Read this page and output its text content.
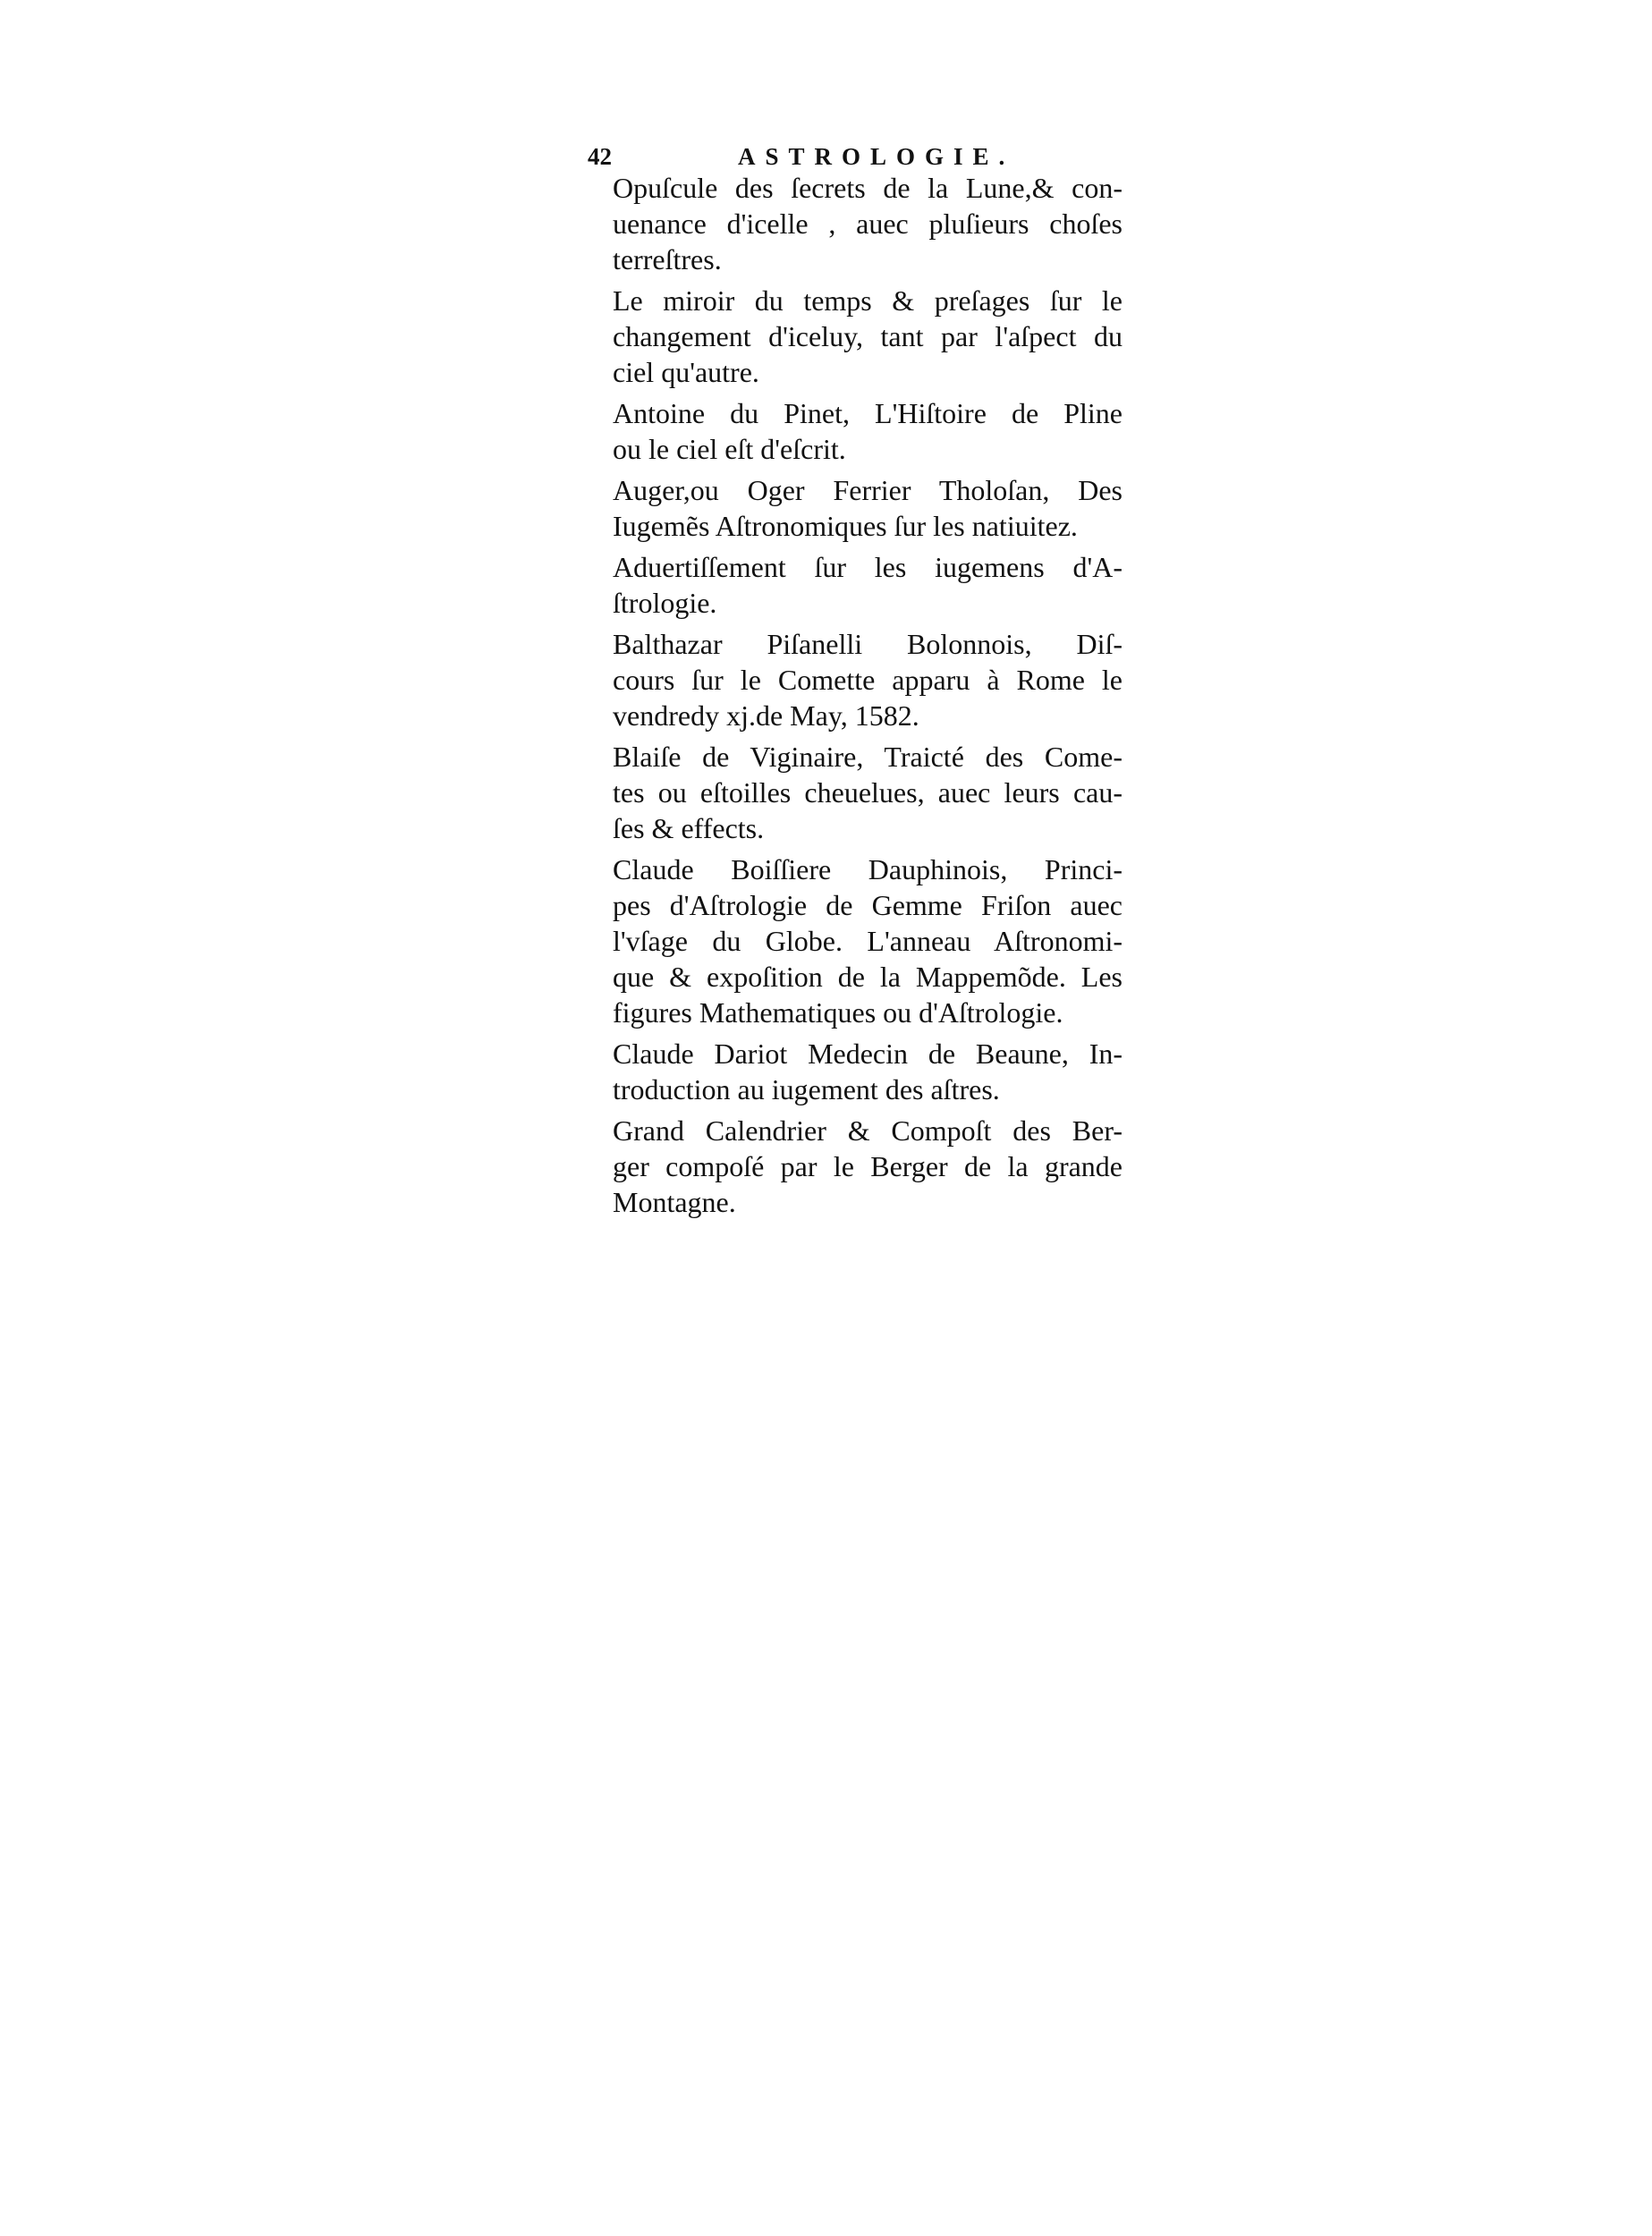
42	ASTROLOGIE.
Opuſcule des ſecrets de la Lune,& con-
uenance d'icelle , auec pluſieurs choſes
terreſtres.
Le miroir du temps & preſages ſur le
changement d'iceluy, tant par l'aſpect du
ciel qu'autre.
Antoine du Pinet, L'Hiſtoire de Pline
ou le ciel eſt d'eſcrit.
Auger,ou Oger Ferrier Tholoſan, Des
Iugemẽs Aſtronomiques ſur les natiuitez.
Aduertiſſement ſur les iugemens d'A-
ſtrologie.
Balthazar Piſanelli Bolonnois, Diſ-
cours ſur le Comette apparu à Rome le
vendredy xj.de May, 1582.
Blaiſe de Viginaire, Traicté des Come-
tes ou eſtoilles cheuelues, auec leurs cau-
ſes & effects.
Claude Boiſſiere Dauphinois, Princi-
pes d'Aſtrologie de Gemme Friſon auec
l'vſage du Globe. L'anneau Aſtronomi-
que & expoſition de la Mappemõde. Les
figures Mathematiques ou d'Aſtrologie.
Claude Dariot Medecin de Beaune, In-
troduction au iugement des aſtres.
Grand Calendrier & Compoſt des Ber-
ger compoſé par le Berger de la grande
Montagne.
